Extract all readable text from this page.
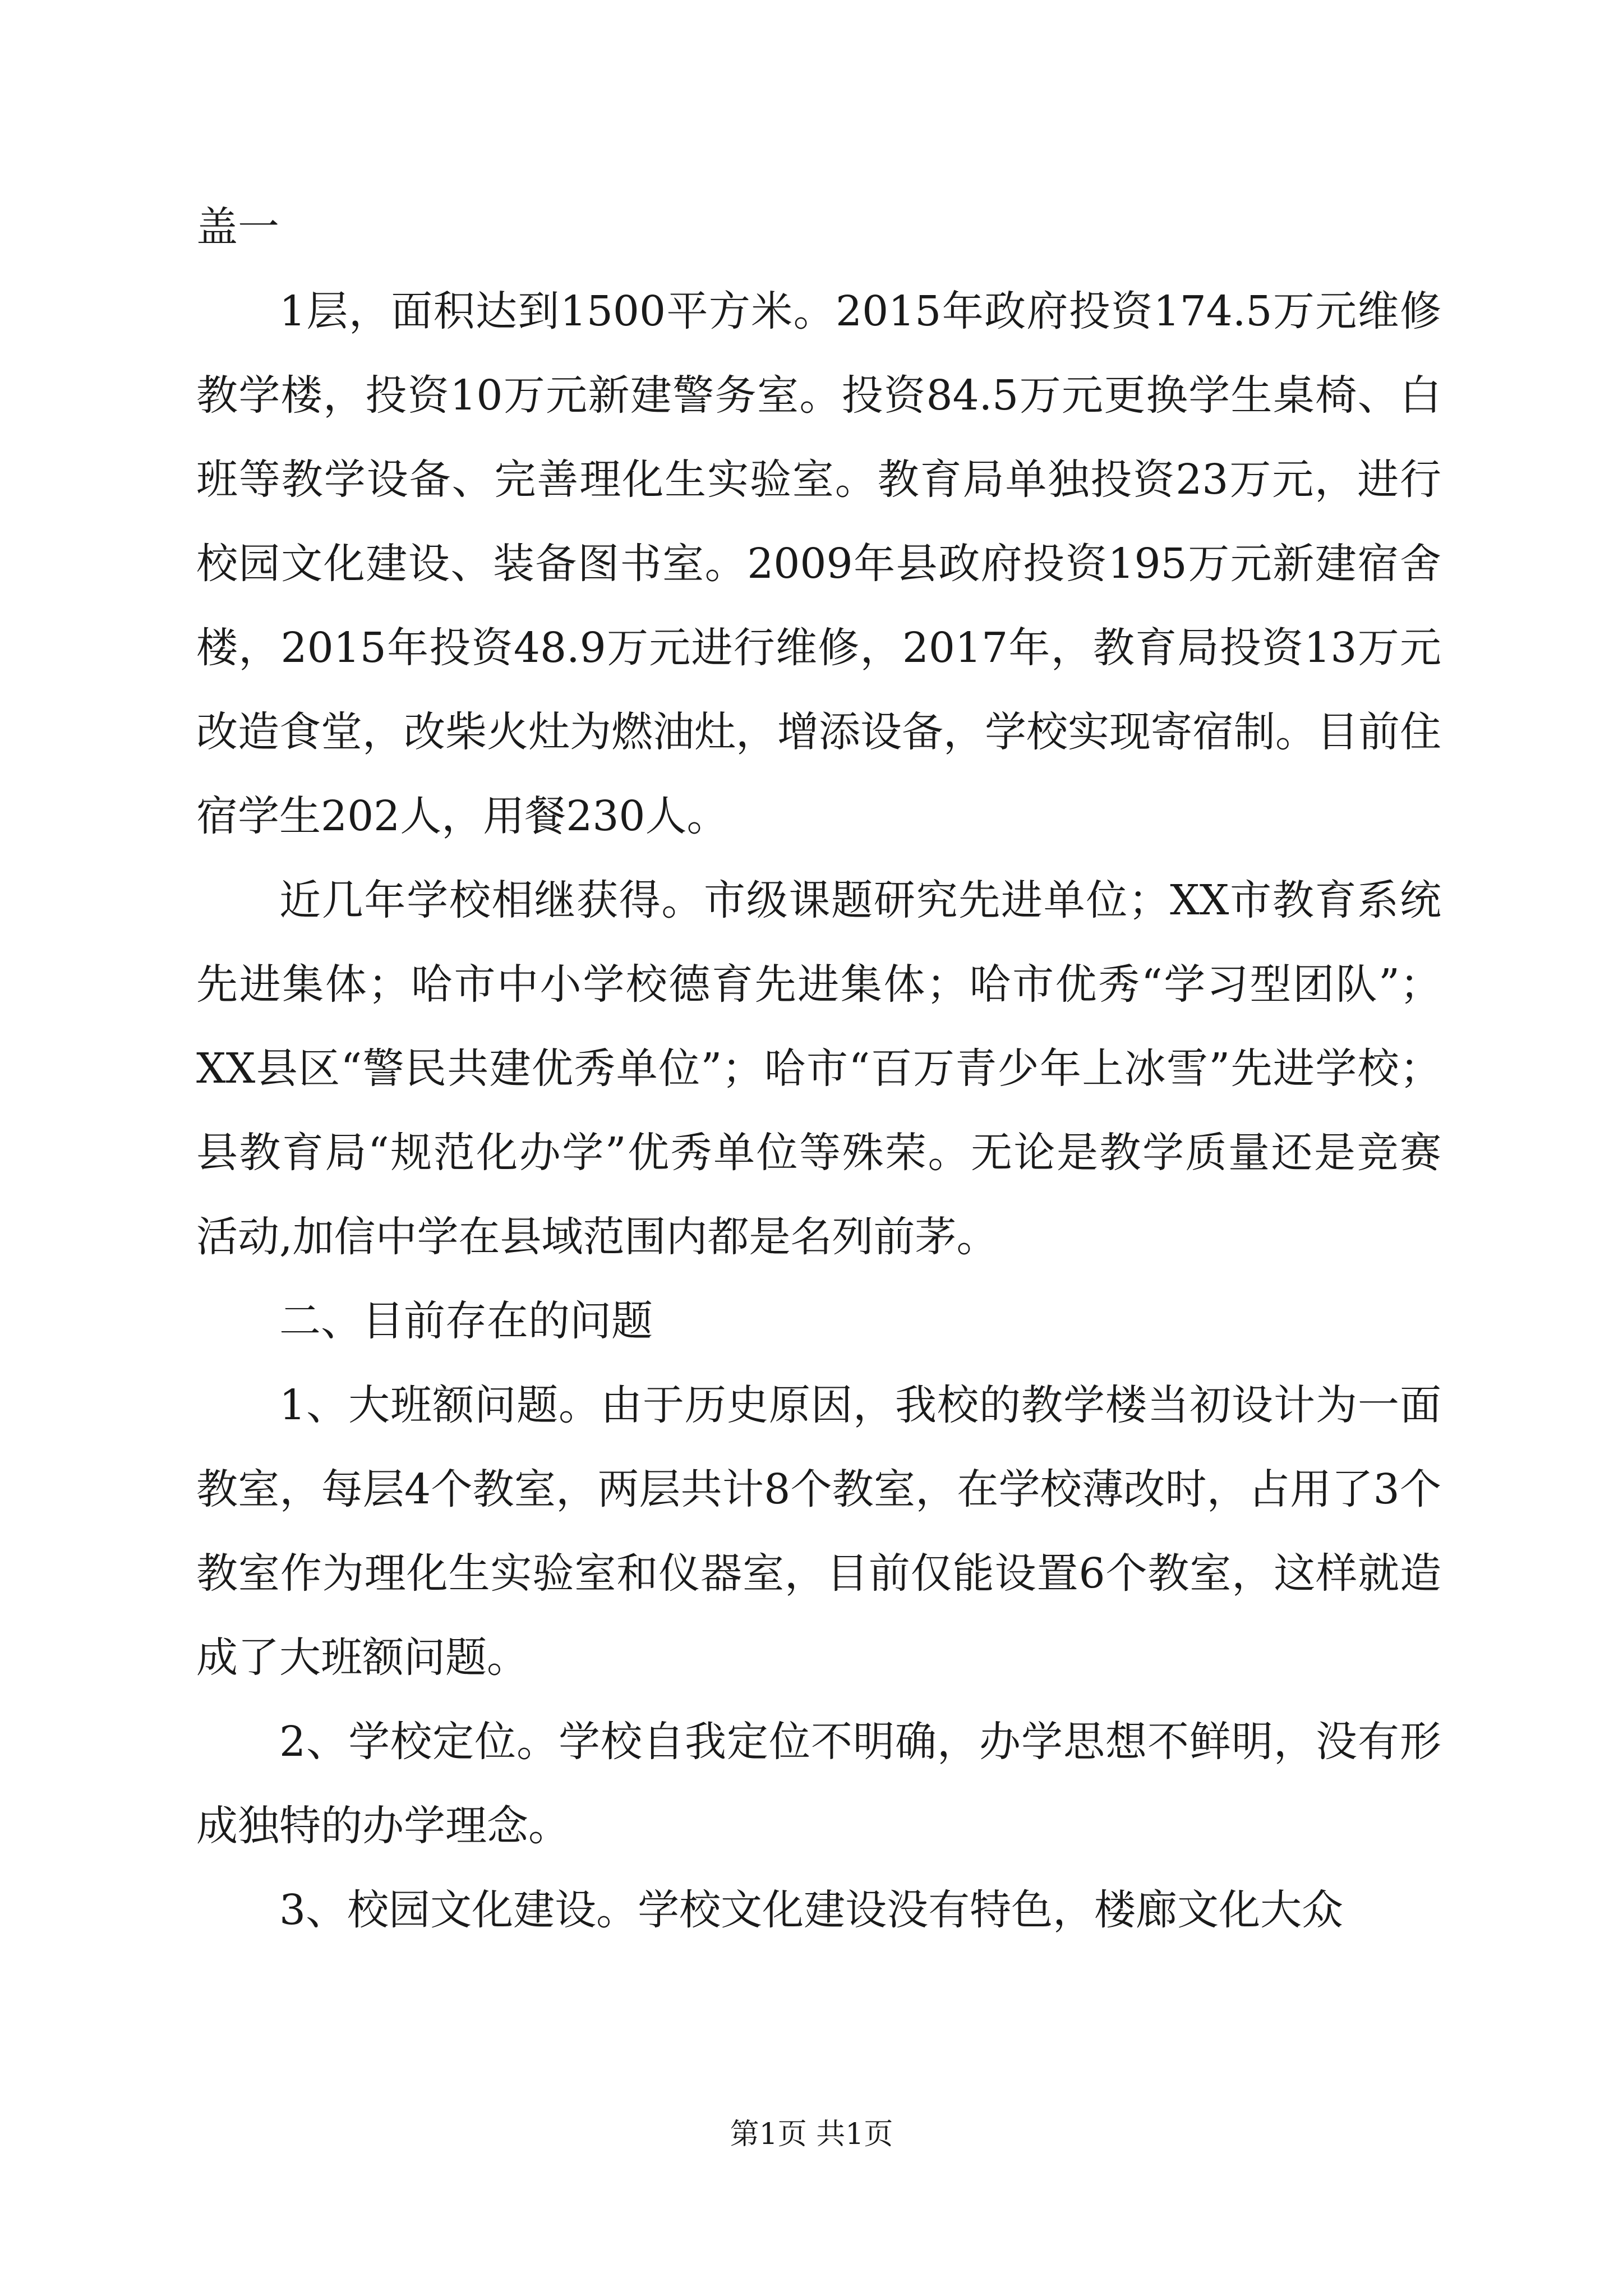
盖一

1层，面积达到1500平方米。2015年政府投资174.5万元维修教学楼，投资10万元新建警务室。投资84.5万元更换学生桌椅、白班等教学设备、完善理化生实验室。教育局单独投资23万元，进行校园文化建设、装备图书室。2009年县政府投资195万元新建宿舍楼，2015年投资48.9万元进行维修，2017年，教育局投资13万元改造食堂，改柴火灶为燃油灶，增添设备，学校实现寄宿制。目前住宿学生202人，用餐230人。

近几年学校相继获得。市级课题研究先进单位；XX市教育系统先进集体；哈市中小学校德育先进集体；哈市优秀“学习型团队”；XX县区“警民共建优秀单位”；哈市“百万青少年上冰雪”先进学校；县教育局“规范化办学”优秀单位等殊荣。无论是教学质量还是竞赛活动,加信中学在县域范围内都是名列前茅。

二、目前存在的问题

1、大班额问题。由于历史原因，我校的教学楼当初设计为一面教室，每层4个教室，两层共计8个教室，在学校薄改时，占用了3个教室作为理化生实验室和仪器室，目前仅能设置6个教室，这样就造成了大班额问题。

2、学校定位。学校自我定位不明确，办学思想不鲜明，没有形成独特的办学理念。

3、校园文化建设。学校文化建设没有特色，楼廊文化大众

第1页 共1页
